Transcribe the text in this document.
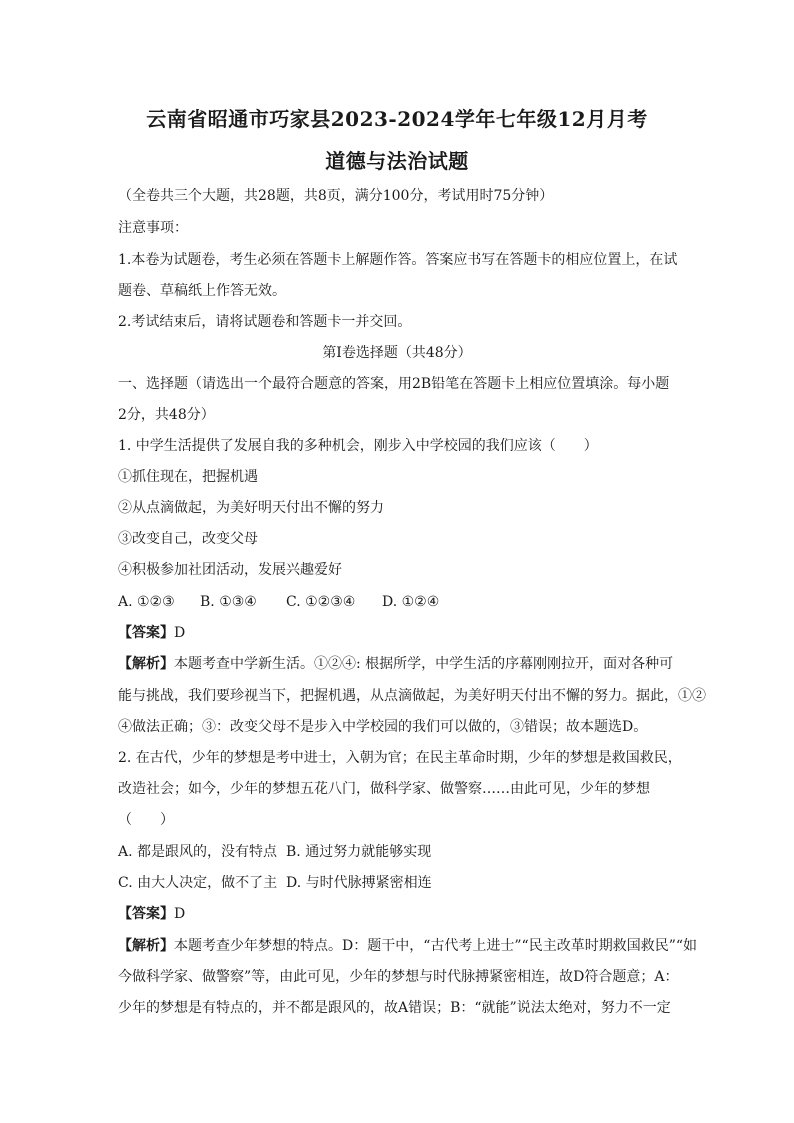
云南省昭通市巧家县2023-2024学年七年级12月月考
道德与法治试题
（全卷共三个大题，共28题，共8页，满分100分，考试用时75分钟）
注意事项：
1.本卷为试题卷，考生必须在答题卡上解题作答。答案应书写在答题卡的相应位置上，在试
题卷、草稿纸上作答无效。
2.考试结束后，请将试题卷和答题卡一并交回。
第Ⅰ卷选择题（共48分）
一、选择题（请选出一个最符合题意的答案，用2B铅笔在答题卡上相应位置填涂。每小题
2分，共48分）
1. 中学生活提供了发展自我的多种机会，刚步入中学校园的我们应该（　　）
①抓住现在，把握机遇
②从点滴做起，为美好明天付出不懈的努力
③改变自己，改变父母
④积极参加社团活动，发展兴趣爱好
A. ①②③ B. ①③④ C. ①②③④ D. ①②④
【答案】D
【解析】本题考查中学新生活。①②④: 根据所学，中学生活的序幕刚刚拉开，面对各种可
能与挑战，我们要珍视当下，把握机遇，从点滴做起，为美好明天付出不懈的努力。据此，①②
④做法正确；③：改变父母不是步入中学校园的我们可以做的，③错误；故本题选D。
2. 在古代，少年的梦想是考中进士，入朝为官；在民主革命时期，少年的梦想是救国救民，
改造社会；如今，少年的梦想五花八门，做科学家、做警察……由此可见，少年的梦想
（　　）
A. 都是跟风的，没有特点 B. 通过努力就能够实现
C. 由大人决定，做不了主 D. 与时代脉搏紧密相连
【答案】D
【解析】本题考查少年梦想的特点。D：题干中，“古代考上进士”“民主改革时期救国救民”“如
今做科学家、做警察”等，由此可见，少年的梦想与时代脉搏紧密相连，故D符合题意；A：
少年的梦想是有特点的，并不都是跟风的，故A错误；B：“就能”说法太绝对，努力不一定
